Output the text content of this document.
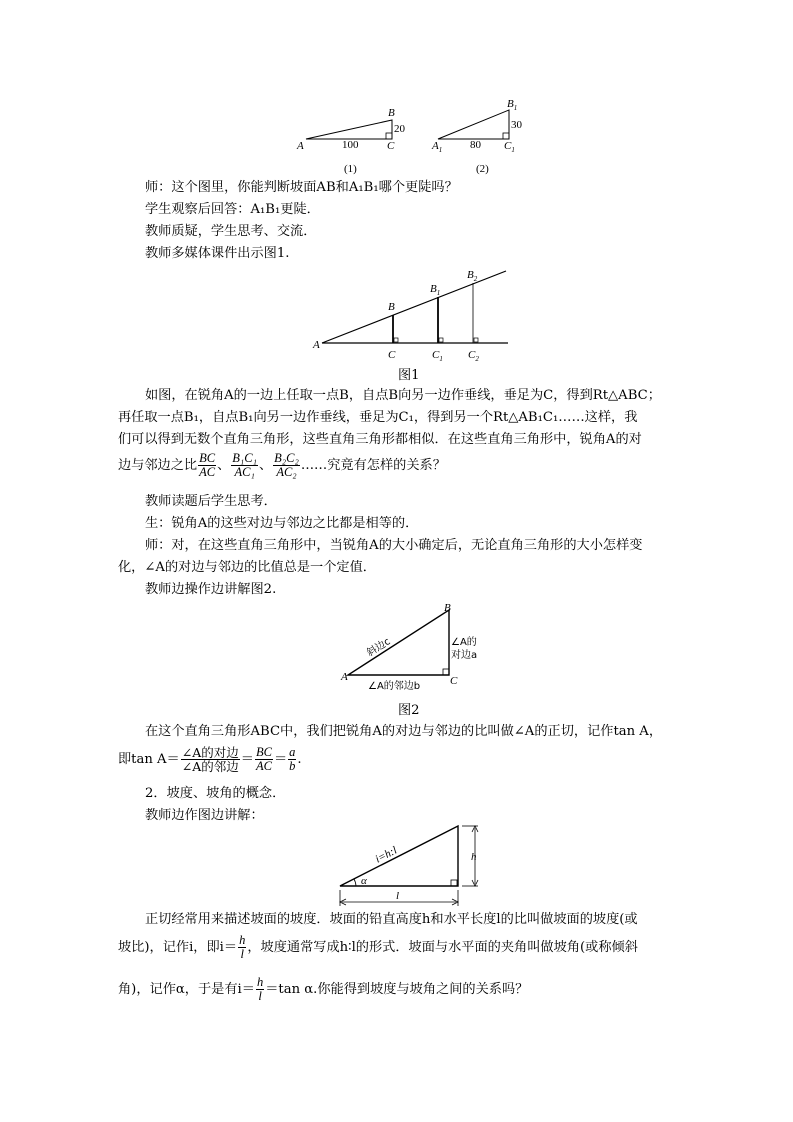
A
B
C
100
20
(1)
$A_1$
$B_1$
$C_1$
80
30
(2)
师：这个图里，你能判断坡面AB和A₁B₁哪个更陡吗？
学生观察后回答：A₁B₁更陡．
教师质疑，学生思考、交流．
教师多媒体课件出示图1.
A
B
$B_1$
$B_2$
C	$C_1$ $C_2$
图1
如图，在锐角A的一边上任取一点B，自点B向另一边作垂线，垂足为C，得到Rt△ABC；
再任取一点B₁，自点B₁向另一边作垂线，垂足为C₁，得到另一个Rt△AB₁C₁……这样，我
们可以得到无数个直角三角形，这些直角三角形都相似．在这些直角三角形中，锐角A的对
边与邻边之比 $\frac{BC}{AC}$ 、 $\frac{\text{B₁C₁}}{\text{AC₁}}$ 、 $\frac{\text{B₂C₂}}{\text{AC₂}}$ ……究竟有怎样的关系？
教师读题后学生思考．
生：锐角A的这些对边与邻边之比都是相等的．
师：对，在这些直角三角形中，当锐角A的大小确定后，无论直角三角形的大小怎样变
化，∠A的对边与邻边的比值总是一个定值．
教师边操作边讲解图2.
A
B
C
斜边c	∠A的
对边a
∠A的邻边b
图2
在这个直角三角形ABC中，我们把锐角A的对边与邻边的比叫做∠A的正切，记作tan A，
即$\tan A= \frac{\text{∠A的对边}}{\text{∠A的邻边}} = \frac{BC}{AC} = \frac{a}{b}$ .
2．坡度、坡角的概念．
教师边作图边讲解：
α
i=h:l	h
l
正切经常用来描述坡面的坡度．坡面的铅直高度h和水平长度l的比叫做坡面的坡度(或
坡比)，记作i，即$i= \frac{h}{l}$ ，坡度通常写成h∶l的形式．坡面与水平面的夹角叫做坡角(或称倾斜
角)，记作α，于是有$i= \frac{h}{l} =\tan$ α.你能得到坡度与坡角之间的关系吗？
